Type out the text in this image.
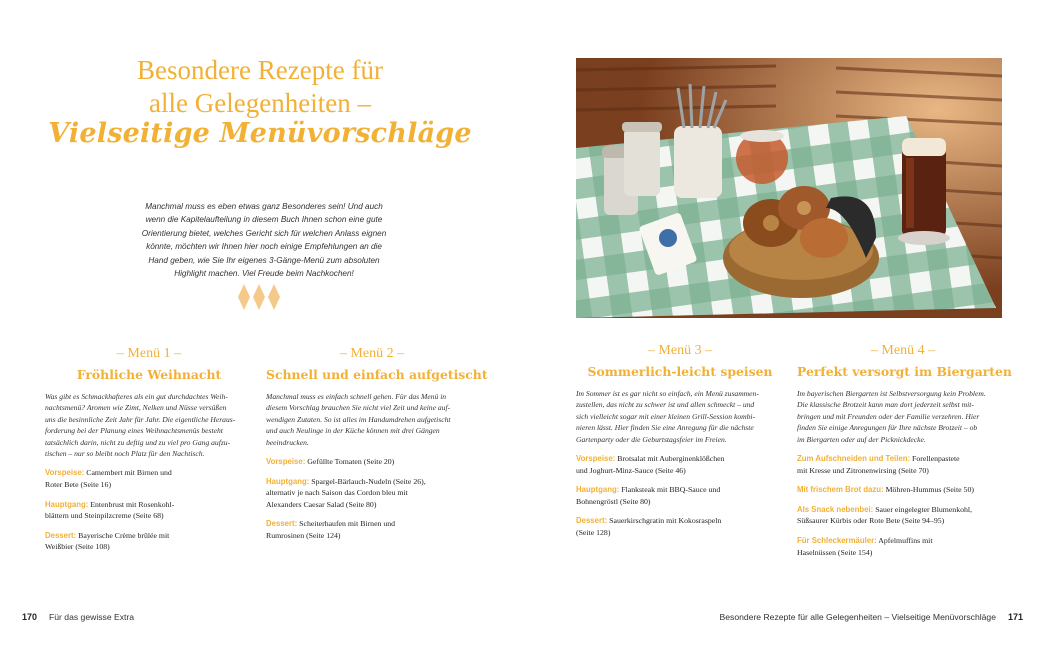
Besondere Rezepte für
alle Gelegenheiten –
Vielseitige Menüvorschläge
Manchmal muss es eben etwas ganz Besonderes sein! Und auch
wenn die Kapitelaufteilung in diesem Buch Ihnen schon eine gute
Orientierung bietet, welches Gericht sich für welchen Anlass eignen
könnte, möchten wir Ihnen hier noch einige Empfehlungen an die
Hand geben, wie Sie Ihr eigenes 3-Gänge-Menü zum absoluten
Highlight machen. Viel Freude beim Nachkochen!
– Menü 1 –
Fröhliche Weihnacht
Was gibt es Schmackhafteres als ein gut durchdachtes Weih-
nachtsmenü? Aromen wie Zimt, Nelken und Nüsse versüßen
uns die besinnliche Zeit Jahr für Jahr. Die eigentliche Heraus-
forderung bei der Planung eines Weihnachtsmenüs besteht
tatsächlich darin, nicht zu deftig und zu viel pro Gang aufzu-
tischen – nur so bleibt noch Platz für den Nachtisch.
Vorspeise: Camembert mit Birnen und
Roter Bete (Seite 16)
Hauptgang: Entenbrust mit Rosenkohl-
blättern und Steinpilzcreme (Seite 68)
Dessert: Bayerische Crème brûlée mit
Weißbier (Seite 108)
– Menü 2 –
Schnell und einfach aufgetischt
Manchmal muss es einfach schnell gehen. Für das Menü in
diesem Vorschlag brauchen Sie nicht viel Zeit und keine auf-
wendigen Zutaten. So ist alles im Handumdrehen aufgetischt
und auch Neulinge in der Küche können mit drei Gängen
beeindrucken.
Vorspeise: Gefüllte Tomaten (Seite 20)
Hauptgang: Spargel-Bärlauch-Nudeln (Seite 26),
alternativ je nach Saison das Cordon bleu mit
Alexanders Caesar Salad (Seite 80)
Dessert: Scheiterhaufen mit Birnen und
Rumrosinen (Seite 124)
– Menü 3 –
Sommerlich-leicht speisen
Im Sommer ist es gar nicht so einfach, ein Menü zusammen-
zustellen, das nicht zu schwer ist und allen schmeckt – und
sich vielleicht sogar mit einer kleinen Grill-Session kombi-
nieren lässt. Hier finden Sie eine Anregung für die nächste
Gartenparty oder die Geburtstagsfeier im Freien.
Vorspeise: Brotsalat mit Auberginenklößchen
und Joghurt-Minz-Sauce (Seite 46)
Hauptgang: Flanksteak mit BBQ-Sauce und
Bohnengröstl (Seite 80)
Dessert: Sauerkirschgratin mit Kokosraspeln
(Seite 128)
– Menü 4 –
Perfekt versorgt im Biergarten
Im bayerischen Biergarten ist Selbstversorgung kein Problem.
Die klassische Brotzeit kann man dort jederzeit selbst mit-
bringen und mit Freunden oder der Familie verzehren. Hier
finden Sie einige Anregungen für Ihre nächste Brotzeit – ob
im Biergarten oder auf der Picknickdecke.
Zum Aufschneiden und Teilen: Forellenpastete
mit Kresse und Zitronenwirsing (Seite 70)
Mit frischem Brot dazu: Möhren-Hummus (Seite 50)
Als Snack nebenbei: Sauer eingelegter Blumenkohl,
Süßsaurer Kürbis oder Rote Bete (Seite 94–95)
Für Schleckermäuler: Apfelmuffins mit
Haselnüssen (Seite 154)
170 Für das gewisse Extra	Besondere Rezepte für alle Gelegenheiten – Vielseitige Menüvorschläge 171
